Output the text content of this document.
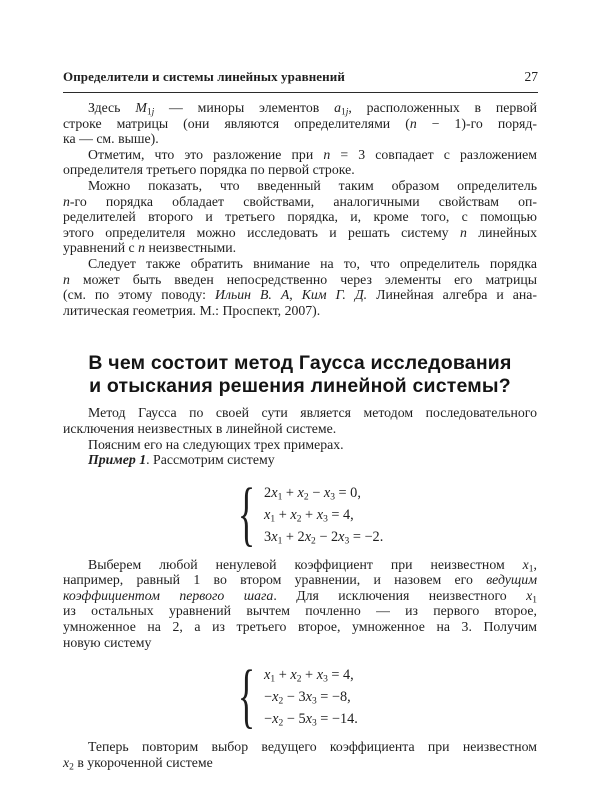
Определители и системы линейных уравнений	27
Здесь $M_{1j}$ — миноры элементов $a_{1j}$, расположенных в первой
строке матрицы (они являются определителями (n − 1)-го поряд-
ка — см. выше).
Отметим, что это разложение при n = 3 совпадает с разложением
определителя третьего порядка по первой строке.
Можно показать, что введенный таким образом определитель
n-го порядка обладает свойствами, аналогичными свойствам оп-
ределителей второго и третьего порядка, и, кроме того, с помощью
этого определителя можно исследовать и решать систему n линейных
уравнений с n неизвестными.
Следует также обратить внимание на то, что определитель порядка
n может быть введен непосредственно через элементы его матрицы
(см. по этому поводу: Ильин В. А, Ким Г. Д. Линейная алгебра и ана-
литическая геометрия. М.: Проспект, 2007).
В чем состоит метод Гаусса исследования
и отыскания решения линейной системы?
Метод Гаусса по своей сути является методом последовательного
исключения неизвестных в линейной системе.
Поясним его на следующих трех примерах.
Пример 1. Рассмотрим систему
{ $2x_1 + x_2 - x_3 = 0$,
$x_1 + x_2 + x_3 = 4$,
$3x_1 + 2x_2 - 2x_3 = -2$.
Выберем любой ненулевой коэффициент при неизвестном $x_1$,
например, равный 1 во втором уравнении, и назовем его ведущим
коэффициентом первого шага. Для исключения неизвестного $x_1$
из остальных уравнений вычтем почленно — из первого второе,
умноженное на 2, а из третьего второе, умноженное на 3. Получим
новую систему
{ $x_1 + x_2 + x_3 = 4$,
$-x_2 - 3x_3 = -8$,
$-x_2 - 5x_3 = -14$.
Теперь повторим выбор ведущего коэффициента при неизвестном
$x_2$ в укороченной системе
